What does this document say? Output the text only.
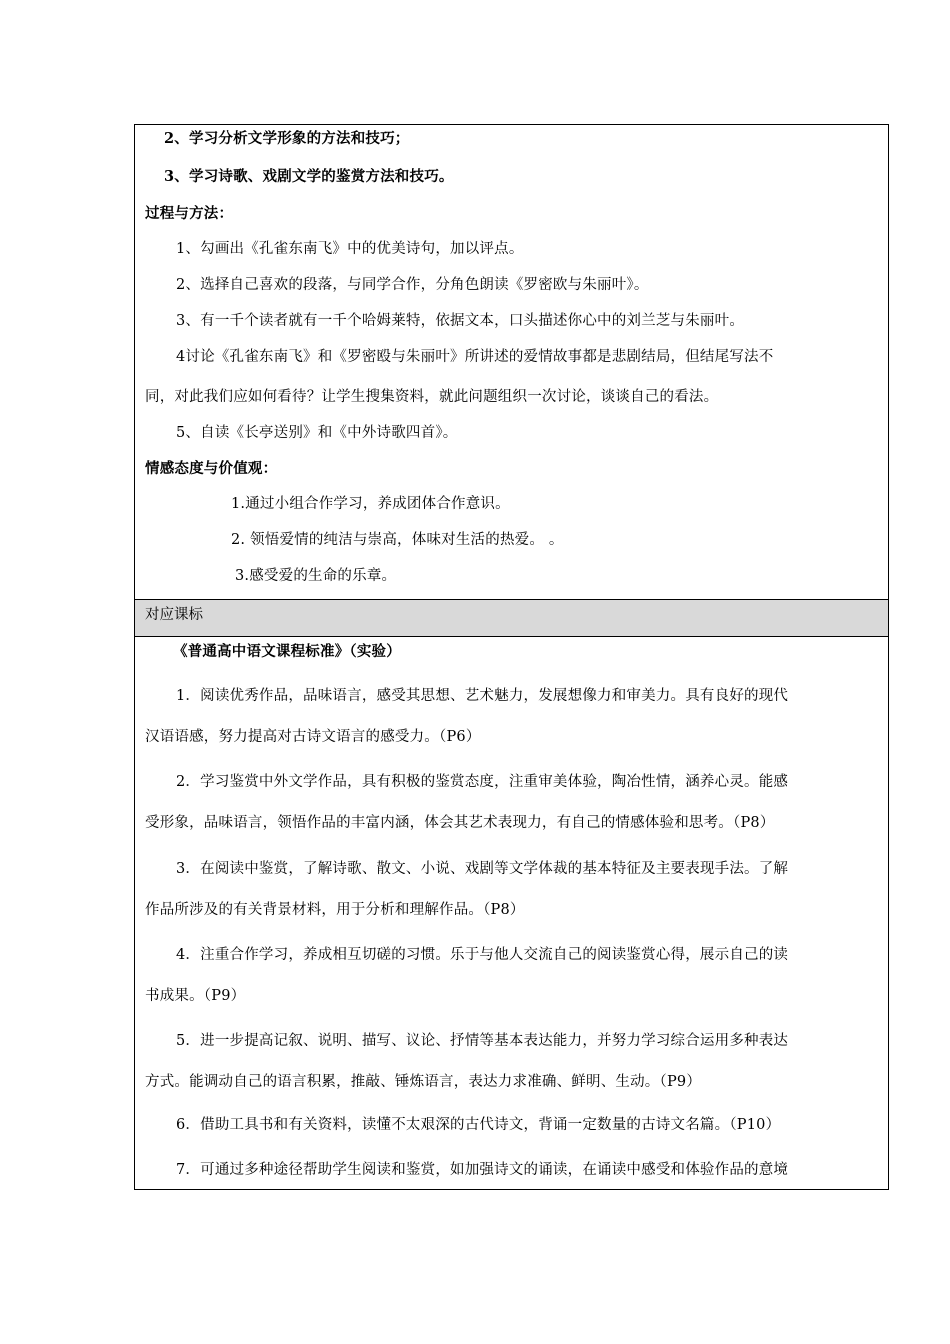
2、学习分析文学形象的方法和技巧；
3、学习诗歌、戏剧文学的鉴赏方法和技巧。
过程与方法：
1、勾画出《孔雀东南飞》中的优美诗句，加以评点。
2、选择自己喜欢的段落，与同学合作，分角色朗读《罗密欧与朱丽叶》。
3、有一千个读者就有一千个哈姆莱特，依据文本，口头描述你心中的刘兰芝与朱丽叶。
4讨论《孔雀东南飞》和《罗密殴与朱丽叶》所讲述的爱情故事都是悲剧结局，但结尾写法不
同，对此我们应如何看待？让学生搜集资料，就此问题组织一次讨论，谈谈自己的看法。
5、自读《长亭送别》和《中外诗歌四首》。
情感态度与价值观：
1.通过小组合作学习，养成团体合作意识。
2. 领悟爱情的纯洁与崇高，体味对生活的热爱。 。
3.感受爱的生命的乐章。
对应课标
《普通高中语文课程标准》（实验）
1．阅读优秀作品，品味语言，感受其思想、艺术魅力，发展想像力和审美力。具有良好的现代
汉语语感，努力提高对古诗文语言的感受力。（P6）
2．学习鉴赏中外文学作品，具有积极的鉴赏态度，注重审美体验，陶冶性情，涵养心灵。能感
受形象，品味语言，领悟作品的丰富内涵，体会其艺术表现力，有自己的情感体验和思考。（P8）
3．在阅读中鉴赏，了解诗歌、散文、小说、戏剧等文学体裁的基本特征及主要表现手法。了解
作品所涉及的有关背景材料，用于分析和理解作品。（P8）
4．注重合作学习，养成相互切磋的习惯。乐于与他人交流自己的阅读鉴赏心得，展示自己的读
书成果。（P9）
5．进一步提高记叙、说明、描写、议论、抒情等基本表达能力，并努力学习综合运用多种表达
方式。能调动自己的语言积累，推敲、锤炼语言，表达力求准确、鲜明、生动。（P9）
6．借助工具书和有关资料，读懂不太艰深的古代诗文，背诵一定数量的古诗文名篇。（P10）
7．可通过多种途径帮助学生阅读和鉴赏，如加强诗文的诵读，在诵读中感受和体验作品的意境
